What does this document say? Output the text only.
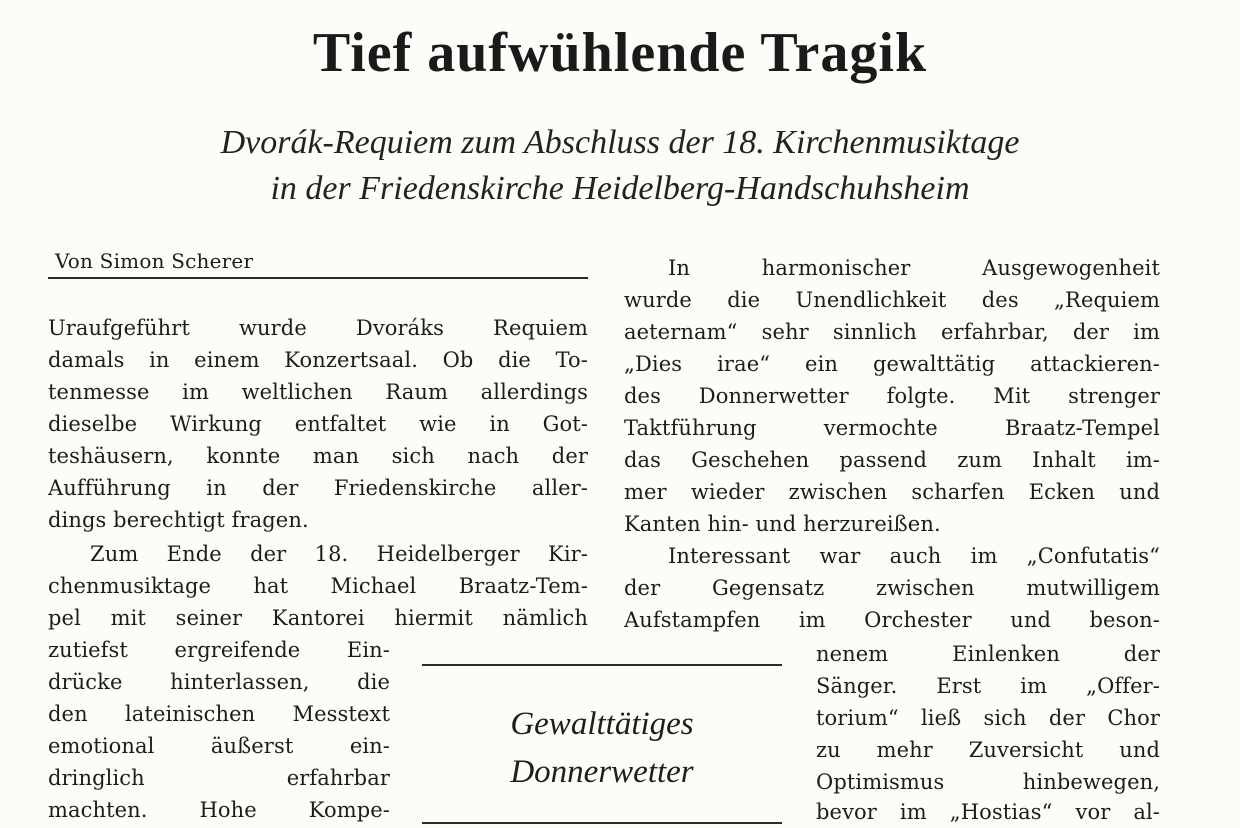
Tief aufwühlende Tragik

Dvorák-Requiem zum Abschluss der 18. Kirchenmusiktage

in der Friedenskirche Heidelberg-Handschuhsheim

Von Simon Scherer
Uraufgeführt wurde Dvoráks Requiem
damals in einem Konzertsaal. Ob die To-
tenmesse im weltlichen Raum allerdings
dieselbe Wirkung entfaltet wie in Got-
teshäusern, konnte man sich nach der
Aufführung in der Friedenskirche aller-
dings berechtigt fragen.
Zum Ende der 18. Heidelberger Kir-
chenmusiktage hat Michael Braatz-Tem-
pel mit seiner Kantorei hiermit nämlich
zutiefst ergreifende Ein-
drücke hinterlassen, die
den lateinischen Messtext
emotional äußerst ein-
dringlich erfahrbar
machten. Hohe Kompe-
Gewalttätiges
Donnerwetter
In harmonischer Ausgewogenheit
wurde die Unendlichkeit des „Requiem
aeternam“ sehr sinnlich erfahrbar, der im
„Dies irae“ ein gewalttätig attackieren-
des Donnerwetter folgte. Mit strenger
Taktführung vermochte Braatz-Tempel
das Geschehen passend zum Inhalt im-
mer wieder zwischen scharfen Ecken und
Kanten hin- und herzureißen.
Interessant war auch im „Confutatis“
der Gegensatz zwischen mutwilligem
Aufstampfen im Orchester und beson-
nenem Einlenken der
Sänger. Erst im „Offer-
torium“ ließ sich der Chor
zu mehr Zuversicht und
Optimismus hinbewegen,
bevor im „Hostias“ vor al-
